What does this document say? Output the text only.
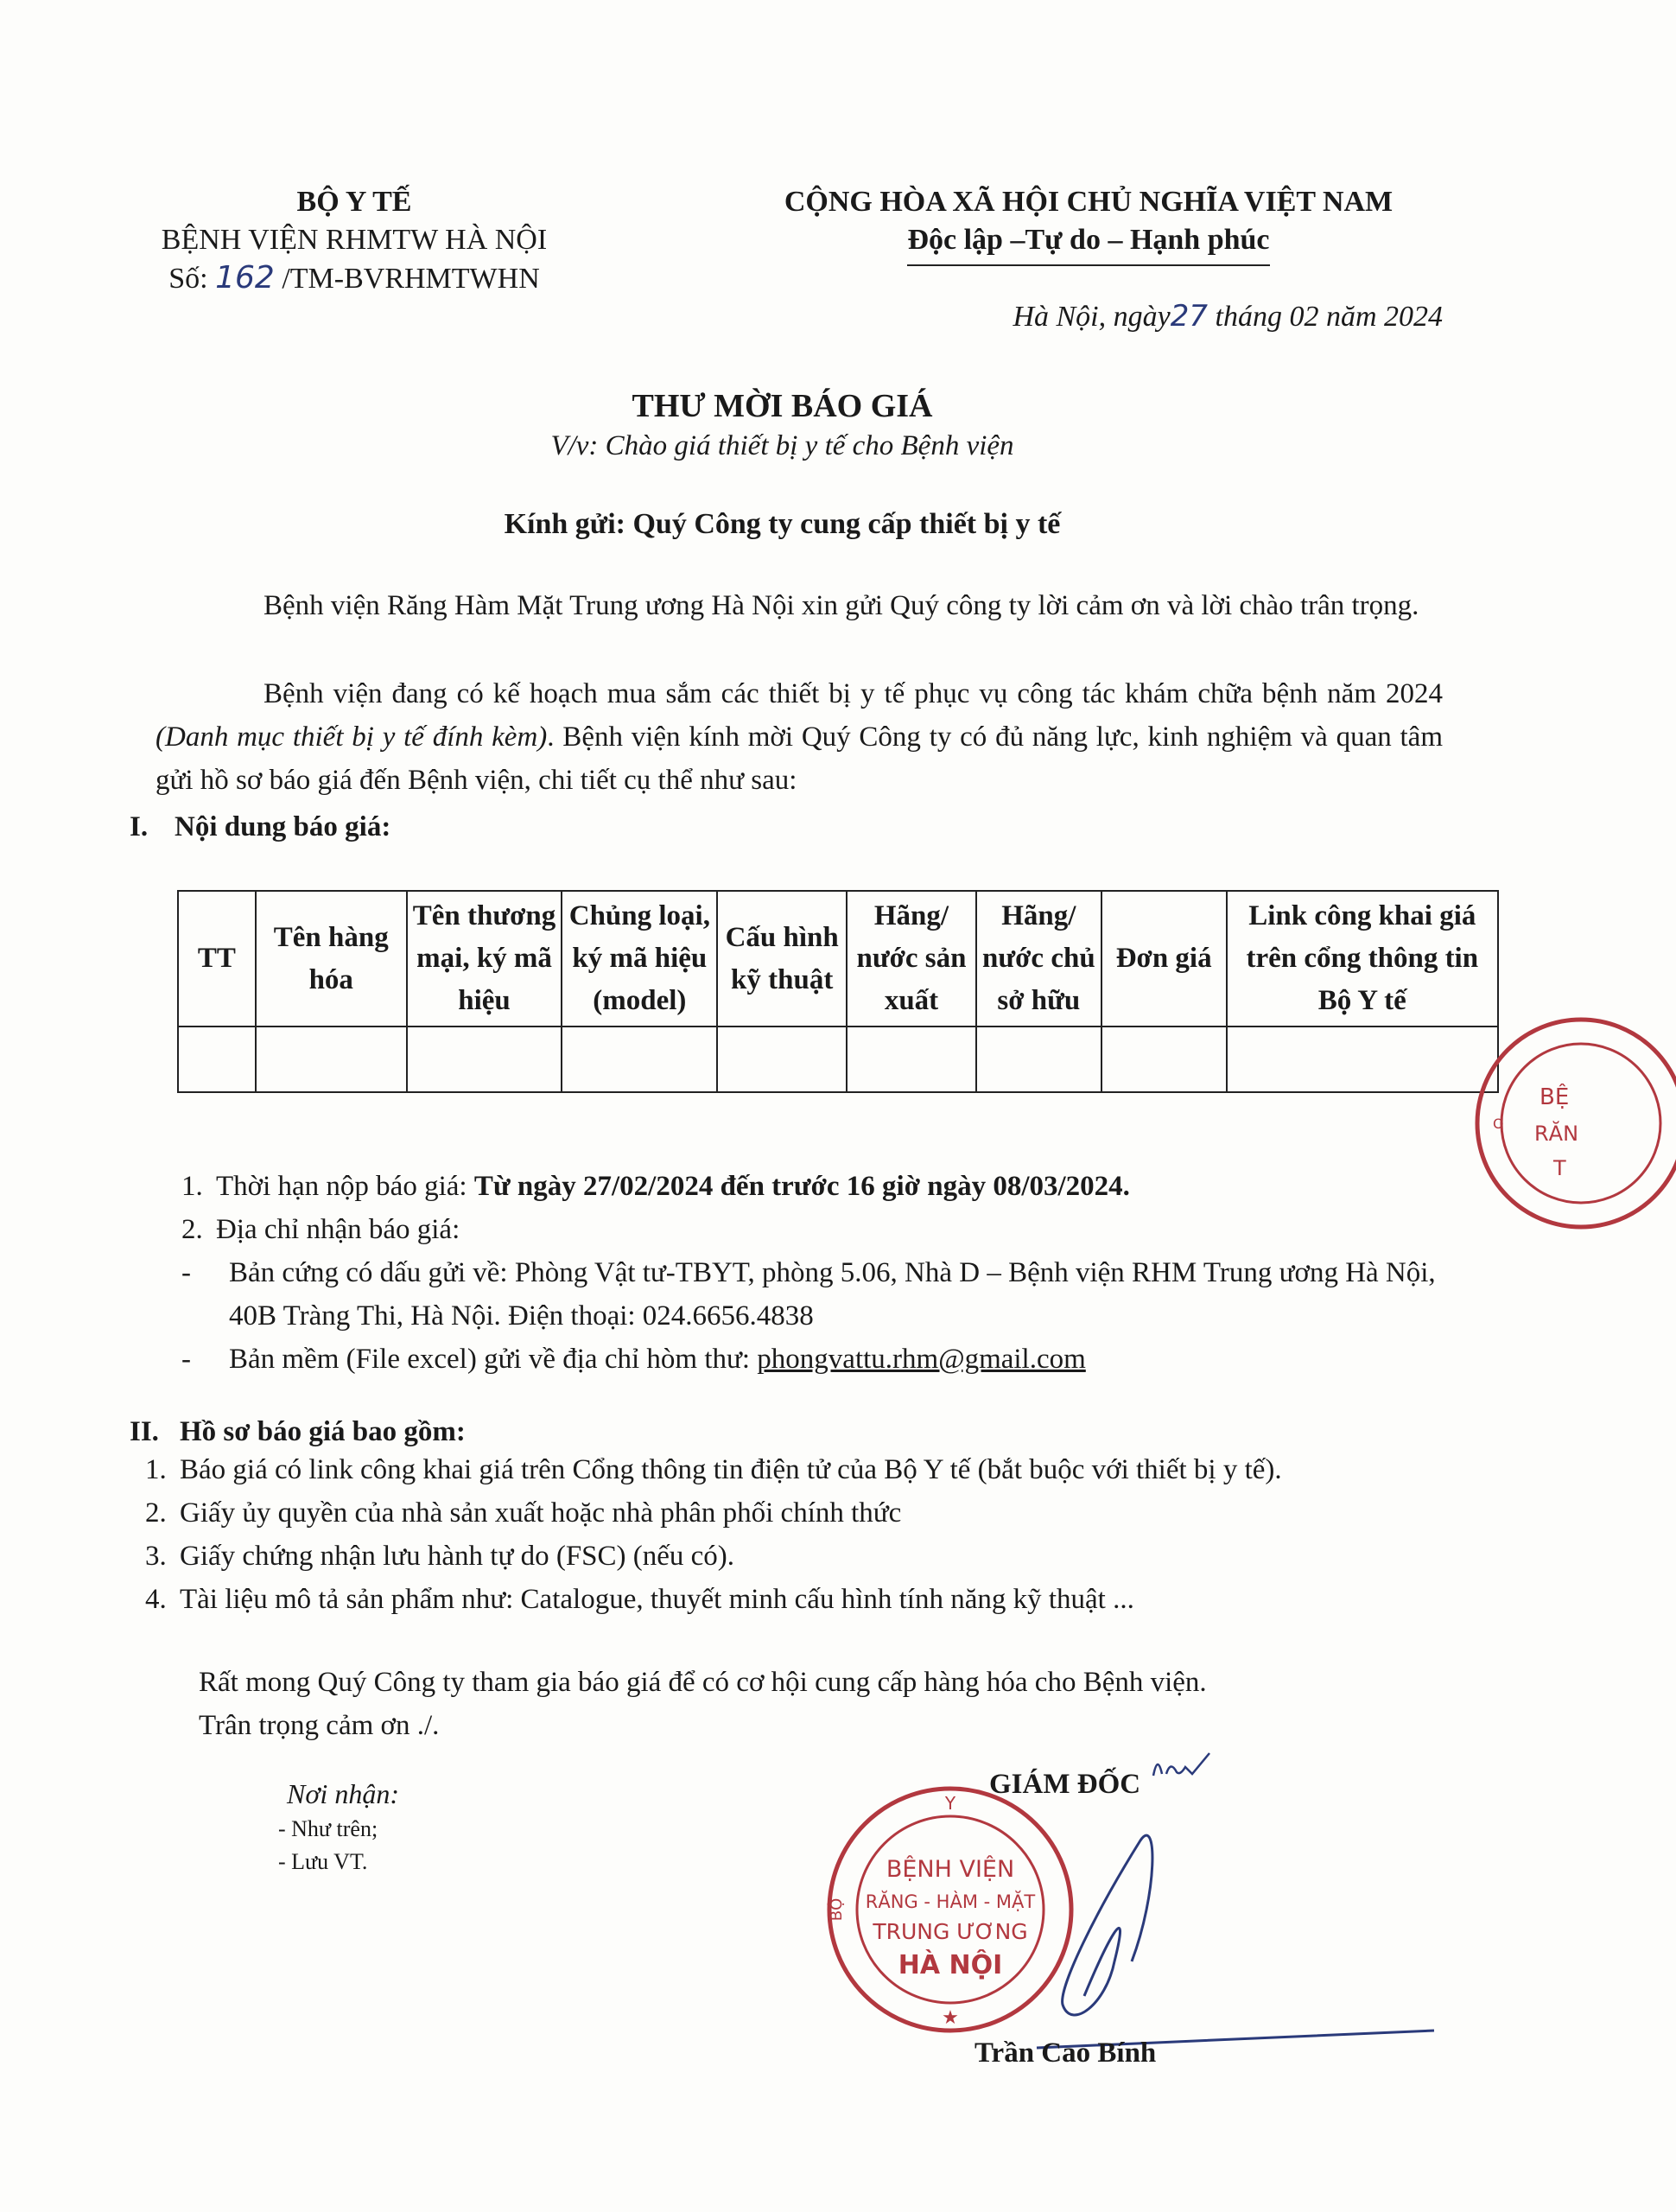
BỘ Y TẾ
BỆNH VIỆN RHMTW HÀ NỘI
Số: 162 /TM-BVRHMTWHN
CỘNG HÒA XÃ HỘI CHỦ NGHĨA VIỆT NAM
Độc lập –Tự do – Hạnh phúc
Hà Nội, ngày27 tháng 02 năm 2024
THƯ MỜI BÁO GIÁ
V/v: Chào giá thiết bị y tế cho Bệnh viện
Kính gửi: Quý Công ty cung cấp thiết bị y tế
Bệnh viện Răng Hàm Mặt Trung ương Hà Nội xin gửi Quý công ty lời cảm ơn và lời chào trân trọng.
Bệnh viện đang có kế hoạch mua sắm các thiết bị y tế phục vụ công tác khám chữa bệnh năm 2024 (Danh mục thiết bị y tế đính kèm). Bệnh viện kính mời Quý Công ty có đủ năng lực, kinh nghiệm và quan tâm gửi hồ sơ báo giá đến Bệnh viện, chi tiết cụ thể như sau:
I. Nội dung báo giá:
TT	Tên hàng hóa	Tên thương mại, ký mã hiệu	Chủng loại, ký mã hiệu (model)	Cấu hình kỹ thuật	Hãng/ nước sản xuất	Hãng/ nước chủ sở hữu	Đơn giá	Link công khai giá trên cổng thông tin Bộ Y tế

1. Thời hạn nộp báo giá: Từ ngày 27/02/2024 đến trước 16 giờ ngày 08/03/2024.
2. Địa chỉ nhận báo giá:
- Bản cứng có dấu gửi về: Phòng Vật tư-TBYT, phòng 5.06, Nhà D – Bệnh viện RHM Trung ương Hà Nội, 40B Tràng Thi, Hà Nội. Điện thoại: 024.6656.4838
- Bản mềm (File excel) gửi về địa chỉ hòm thư: phongvattu.rhm@gmail.com
II. Hồ sơ báo giá bao gồm:
1. Báo giá có link công khai giá trên Cổng thông tin điện tử của Bộ Y tế (bắt buộc với thiết bị y tế).
2. Giấy ủy quyền của nhà sản xuất hoặc nhà phân phối chính thức
3. Giấy chứng nhận lưu hành tự do (FSC) (nếu có).
4. Tài liệu mô tả sản phẩm như: Catalogue, thuyết minh cấu hình tính năng kỹ thuật ...
Rất mong Quý Công ty tham gia báo giá để có cơ hội cung cấp hàng hóa cho Bệnh viện.
Trân trọng cảm ơn ./.
Nơi nhận:
- Như trên;
- Lưu VT.
GIÁM ĐỐC
Y
★
BỘ
BỆNH VIỆN
RĂNG - HÀM - MẶT
TRUNG ƯƠNG
HÀ NỘI
Trần Cao Bính
BỆ
RĂN
T
O
